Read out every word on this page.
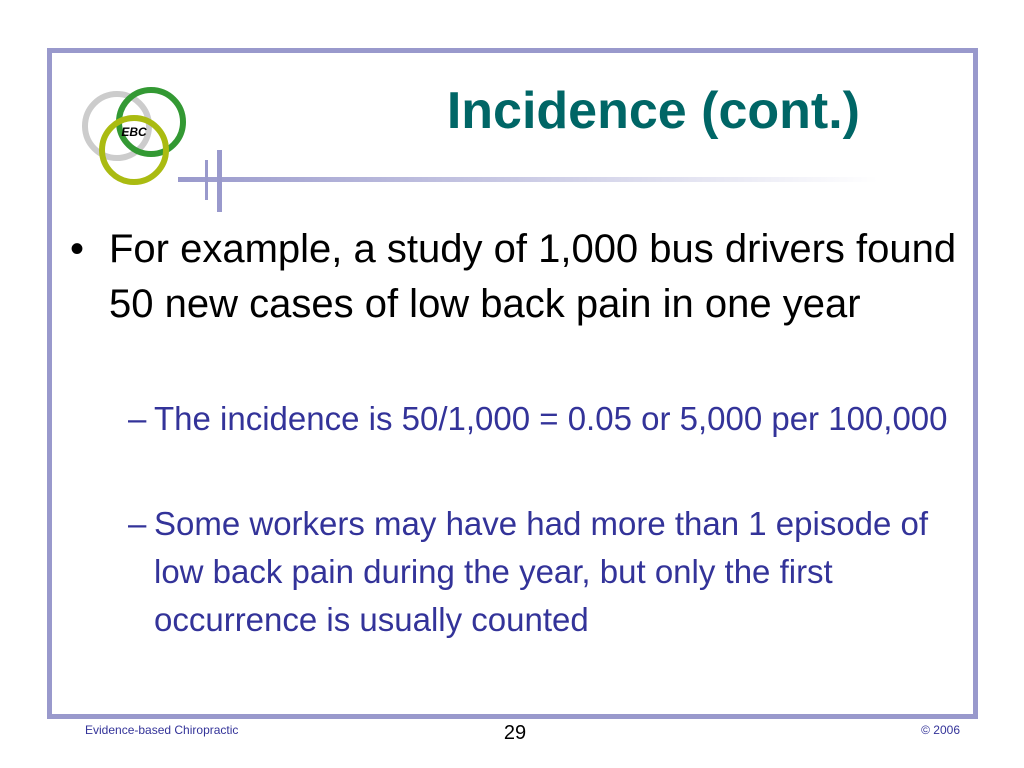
EBC	Incidence (cont.)
• For example, a study of 1,000 bus drivers found 50 new cases of low back pain in one year
– The incidence is 50/1,000 = 0.05 or 5,000 per 100,000
– Some workers may have had more than 1 episode of low back pain during the year, but only the first occurrence is usually counted
Evidence-based Chiropractic	29	© 2006
